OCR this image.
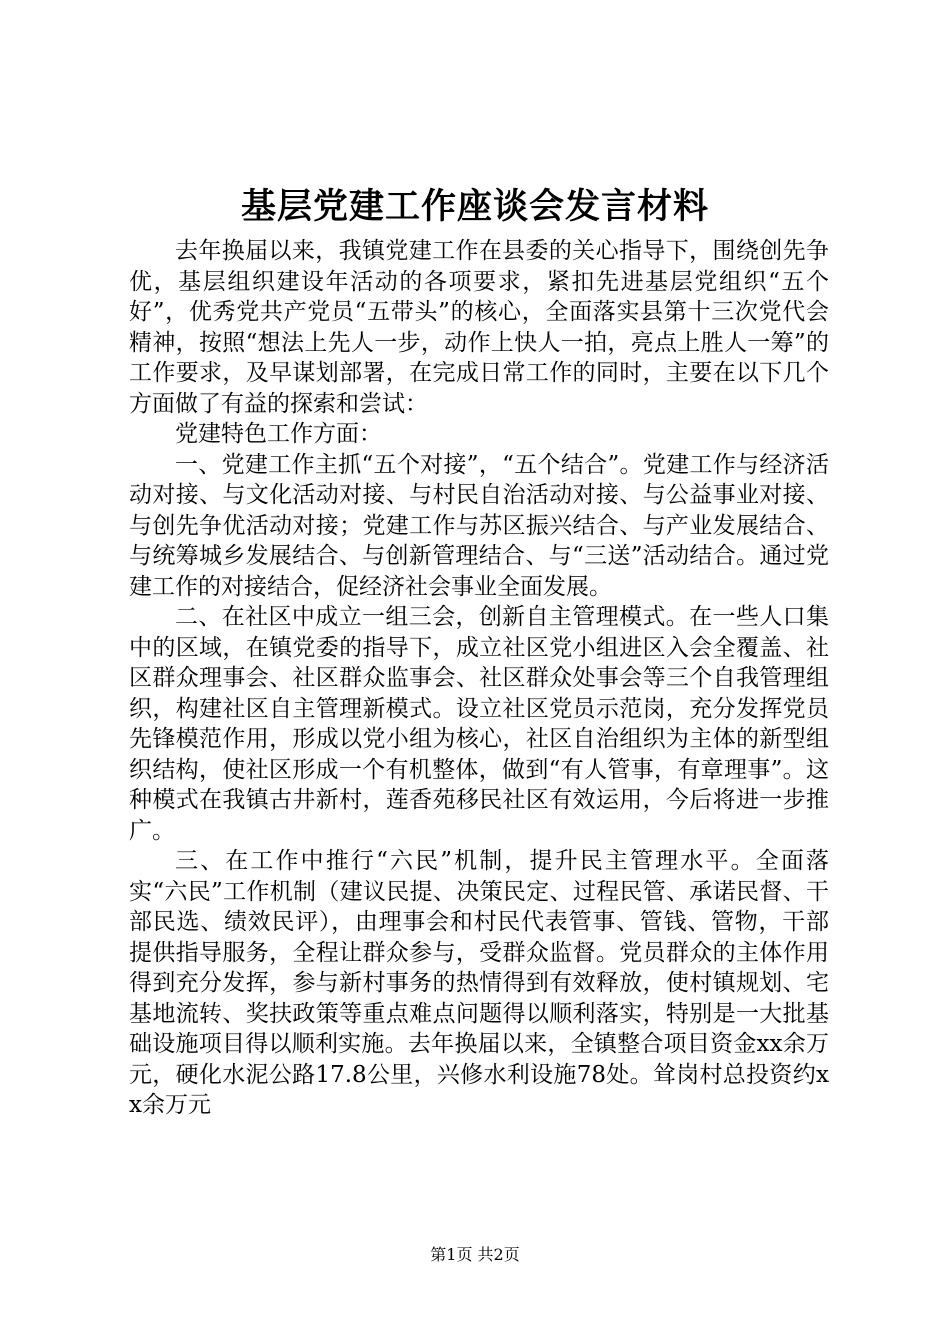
基层党建工作座谈会发言材料

去年换届以来，我镇党建工作在县委的关心指导下，围绕创先争优，基层组织建设年活动的各项要求，紧扣先进基层党组织“五个好”，优秀党共产党员“五带头”的核心，全面落实县第十三次党代会精神，按照“想法上先人一步，动作上快人一拍，亮点上胜人一筹”的工作要求，及早谋划部署，在完成日常工作的同时，主要在以下几个方面做了有益的探索和尝试：

党建特色工作方面：

一、党建工作主抓“五个对接”，“五个结合”。党建工作与经济活动对接、与文化活动对接、与村民自治活动对接、与公益事业对接、与创先争优活动对接；党建工作与苏区振兴结合、与产业发展结合、与统筹城乡发展结合、与创新管理结合、与“三送”活动结合。通过党建工作的对接结合，促经济社会事业全面发展。

二、在社区中成立一组三会，创新自主管理模式。在一些人口集中的区域，在镇党委的指导下，成立社区党小组进区入会全覆盖、社区群众理事会、社区群众监事会、社区群众处事会等三个自我管理组织，构建社区自主管理新模式。设立社区党员示范岗，充分发挥党员先锋模范作用，形成以党小组为核心，社区自治组织为主体的新型组织结构，使社区形成一个有机整体，做到“有人管事，有章理事”。这种模式在我镇古井新村，莲香苑移民社区有效运用，今后将进一步推广。

三、在工作中推行“六民”机制，提升民主管理水平。全面落实“六民”工作机制（建议民提、决策民定、过程民管、承诺民督、干部民选、绩效民评），由理事会和村民代表管事、管钱、管物，干部提供指导服务，全程让群众参与，受群众监督。党员群众的主体作用得到充分发挥，参与新村事务的热情得到有效释放，使村镇规划、宅基地流转、奖扶政策等重点难点问题得以顺利落实，特别是一大批基础设施项目得以顺利实施。去年换届以来，全镇整合项目资金xx余万元，硬化水泥公路17.8公里，兴修水利设施78处。耸岗村总投资约xx余万元

第1页 共2页
